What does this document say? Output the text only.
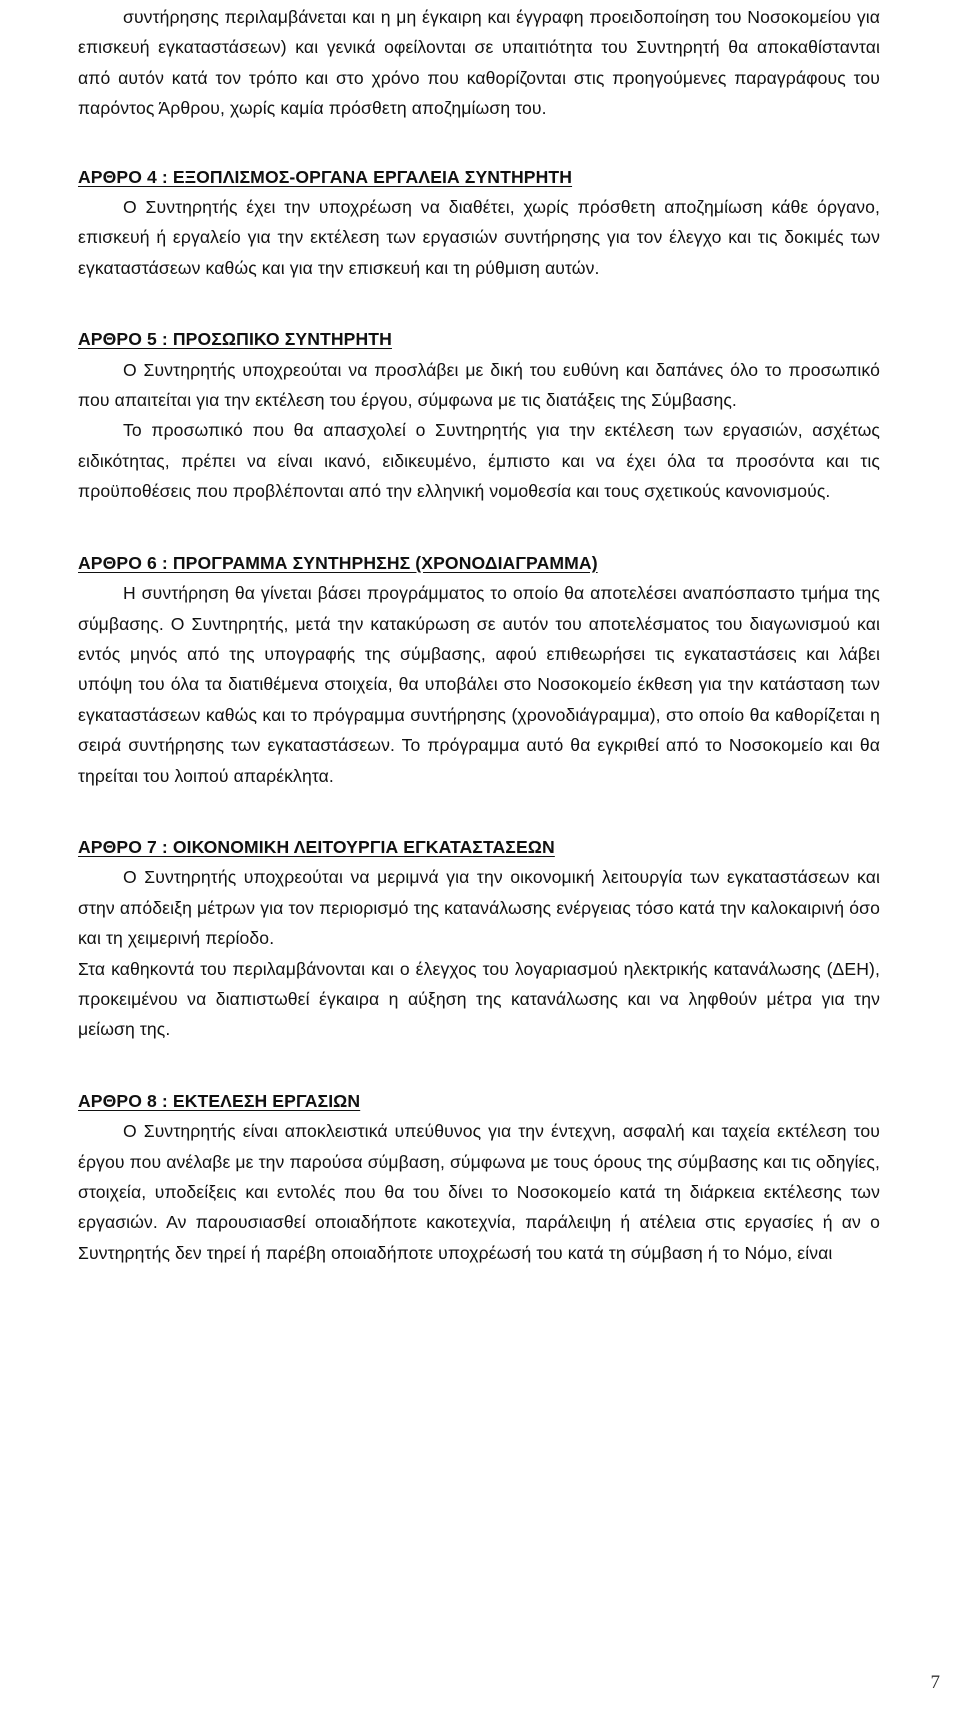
συντήρησης περιλαμβάνεται και η μη έγκαιρη και έγγραφη προειδοποίηση του Νοσοκομείου για επισκευή εγκαταστάσεων) και γενικά οφείλονται σε υπαιτιότητα του Συντηρητή θα αποκαθίστανται από αυτόν κατά τον τρόπο και στο χρόνο που καθορίζονται στις προηγούμενες παραγράφους του παρόντος Άρθρου, χωρίς καμία πρόσθετη αποζημίωση του.

ΑΡΘΡΟ 4 : ΕΞΟΠΛΙΣΜΟΣ-ΟΡΓΑΝΑ ΕΡΓΑΛΕΙΑ ΣΥΝΤΗΡΗΤΗ

Ο Συντηρητής έχει την υποχρέωση να διαθέτει, χωρίς πρόσθετη αποζημίωση κάθε όργανο, επισκευή ή εργαλείο για την εκτέλεση των εργασιών συντήρησης για τον έλεγχο και τις δοκιμές των εγκαταστάσεων καθώς και για την επισκευή και τη ρύθμιση αυτών.

ΑΡΘΡΟ 5 : ΠΡΟΣΩΠΙΚΟ ΣΥΝΤΗΡΗΤΗ

Ο Συντηρητής υποχρεούται να προσλάβει με δική του ευθύνη και δαπάνες όλο το προσωπικό που απαιτείται για την εκτέλεση του έργου, σύμφωνα με τις διατάξεις της Σύμβασης.

Το προσωπικό που θα απασχολεί ο Συντηρητής για την εκτέλεση των εργασιών, ασχέτως ειδικότητας, πρέπει να είναι ικανό, ειδικευμένο, έμπιστο και να έχει όλα τα προσόντα και τις προϋποθέσεις που προβλέπονται από την ελληνική νομοθεσία και τους σχετικούς κανονισμούς.

ΑΡΘΡΟ 6 : ΠΡΟΓΡΑΜΜΑ ΣΥΝΤΗΡΗΣΗΣ (ΧΡΟΝΟΔΙΑΓΡΑΜΜΑ)

Η συντήρηση θα γίνεται βάσει προγράμματος το οποίο θα αποτελέσει αναπόσπαστο τμήμα της σύμβασης. Ο Συντηρητής, μετά την κατακύρωση σε αυτόν του αποτελέσματος του διαγωνισμού και εντός μηνός από της υπογραφής της σύμβασης, αφού επιθεωρήσει τις εγκαταστάσεις και λάβει υπόψη του όλα τα διατιθέμενα στοιχεία, θα υποβάλει στο Νοσοκομείο έκθεση για την κατάσταση των εγκαταστάσεων καθώς και το πρόγραμμα συντήρησης (χρονοδιάγραμμα), στο οποίο θα καθορίζεται η σειρά συντήρησης των εγκαταστάσεων. Το πρόγραμμα αυτό θα εγκριθεί από το Νοσοκομείο και θα τηρείται του λοιπού απαρέκλητα.

ΑΡΘΡΟ 7 : ΟΙΚΟΝΟΜΙΚΗ ΛΕΙΤΟΥΡΓΙΑ ΕΓΚΑΤΑΣΤΑΣΕΩΝ

Ο Συντηρητής υποχρεούται να μεριμνά για την οικονομική λειτουργία των εγκαταστάσεων και στην απόδειξη μέτρων για τον περιορισμό της κατανάλωσης ενέργειας τόσο κατά την καλοκαιρινή όσο και τη χειμερινή περίοδο.

Στα καθηκοντά του περιλαμβάνονται και ο έλεγχος του λογαριασμού ηλεκτρικής κατανάλωσης (ΔΕΗ), προκειμένου να διαπιστωθεί έγκαιρα η αύξηση της κατανάλωσης και να ληφθούν μέτρα για την μείωση της.

ΑΡΘΡΟ 8 : ΕΚΤΕΛΕΣΗ ΕΡΓΑΣΙΩΝ

Ο Συντηρητής είναι αποκλειστικά υπεύθυνος για την έντεχνη, ασφαλή και ταχεία εκτέλεση του έργου που ανέλαβε με την παρούσα σύμβαση, σύμφωνα με τους όρους της σύμβασης και τις οδηγίες, στοιχεία, υποδείξεις και εντολές που θα του δίνει το Νοσοκομείο κατά τη διάρκεια εκτέλεσης των εργασιών. Αν παρουσιασθεί οποιαδήποτε κακοτεχνία, παράλειψη ή ατέλεια στις εργασίες ή αν ο Συντηρητής δεν τηρεί ή παρέβη οποιαδήποτε υποχρέωσή του κατά τη σύμβαση ή το Νόμο, είναι

7
